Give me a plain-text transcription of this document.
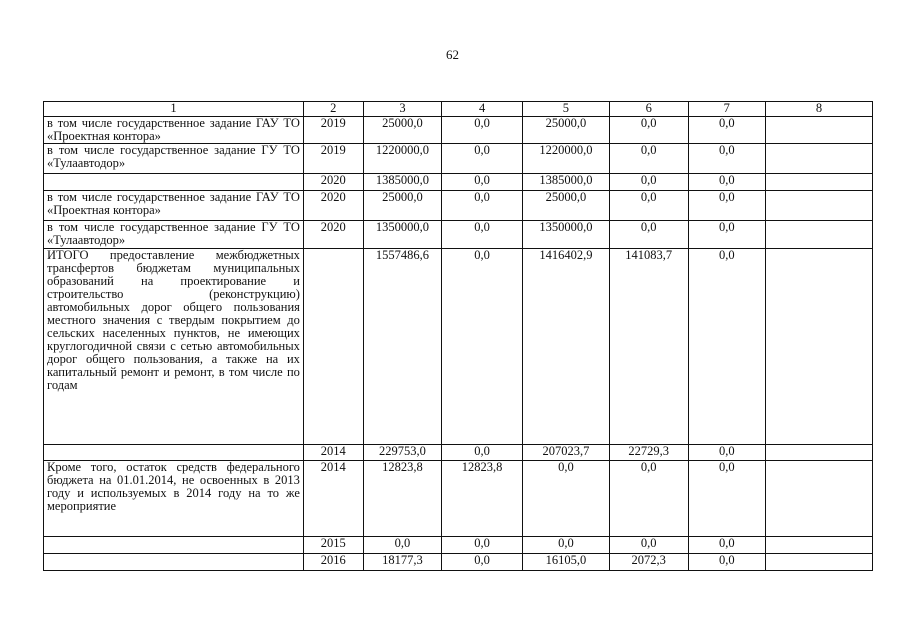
62
1	2	3	4	5	6	7	8
в том числе государственное задание ГАУ ТО «Проектная контора»	2019	25000,0	0,0	25000,0	0,0	0,0	
в том числе государственное задание ГУ ТО «Тулаавтодор»	2019	1220000,0	0,0	1220000,0	0,0	0,0	
	2020	1385000,0	0,0	1385000,0	0,0	0,0	
в том числе государственное задание ГАУ ТО «Проектная контора»	2020	25000,0	0,0	25000,0	0,0	0,0	
в том числе государственное задание ГУ ТО «Тулаавтодор»	2020	1350000,0	0,0	1350000,0	0,0	0,0	
ИТОГО предоставление межбюджетных трансфертов бюджетам муниципальных образований на проектирование и строительство (реконструкцию) автомобильных дорог общего пользования местного значения с твердым покрытием до сельских населенных пунктов, не имеющих круглогодичной связи с сетью автомобильных дорог общего пользования, а также на их капитальный ремонт и ремонт, в том числе по годам		1557486,6	0,0	1416402,9	141083,7	0,0	
	2014	229753,0	0,0	207023,7	22729,3	0,0	
Кроме того, остаток средств федерального бюджета на 01.01.2014, не освоенных в 2013 году и используемых в 2014 году на то же мероприятие	2014	12823,8	12823,8	0,0	0,0	0,0	
	2015	0,0	0,0	0,0	0,0	0,0	
	2016	18177,3	0,0	16105,0	2072,3	0,0	
